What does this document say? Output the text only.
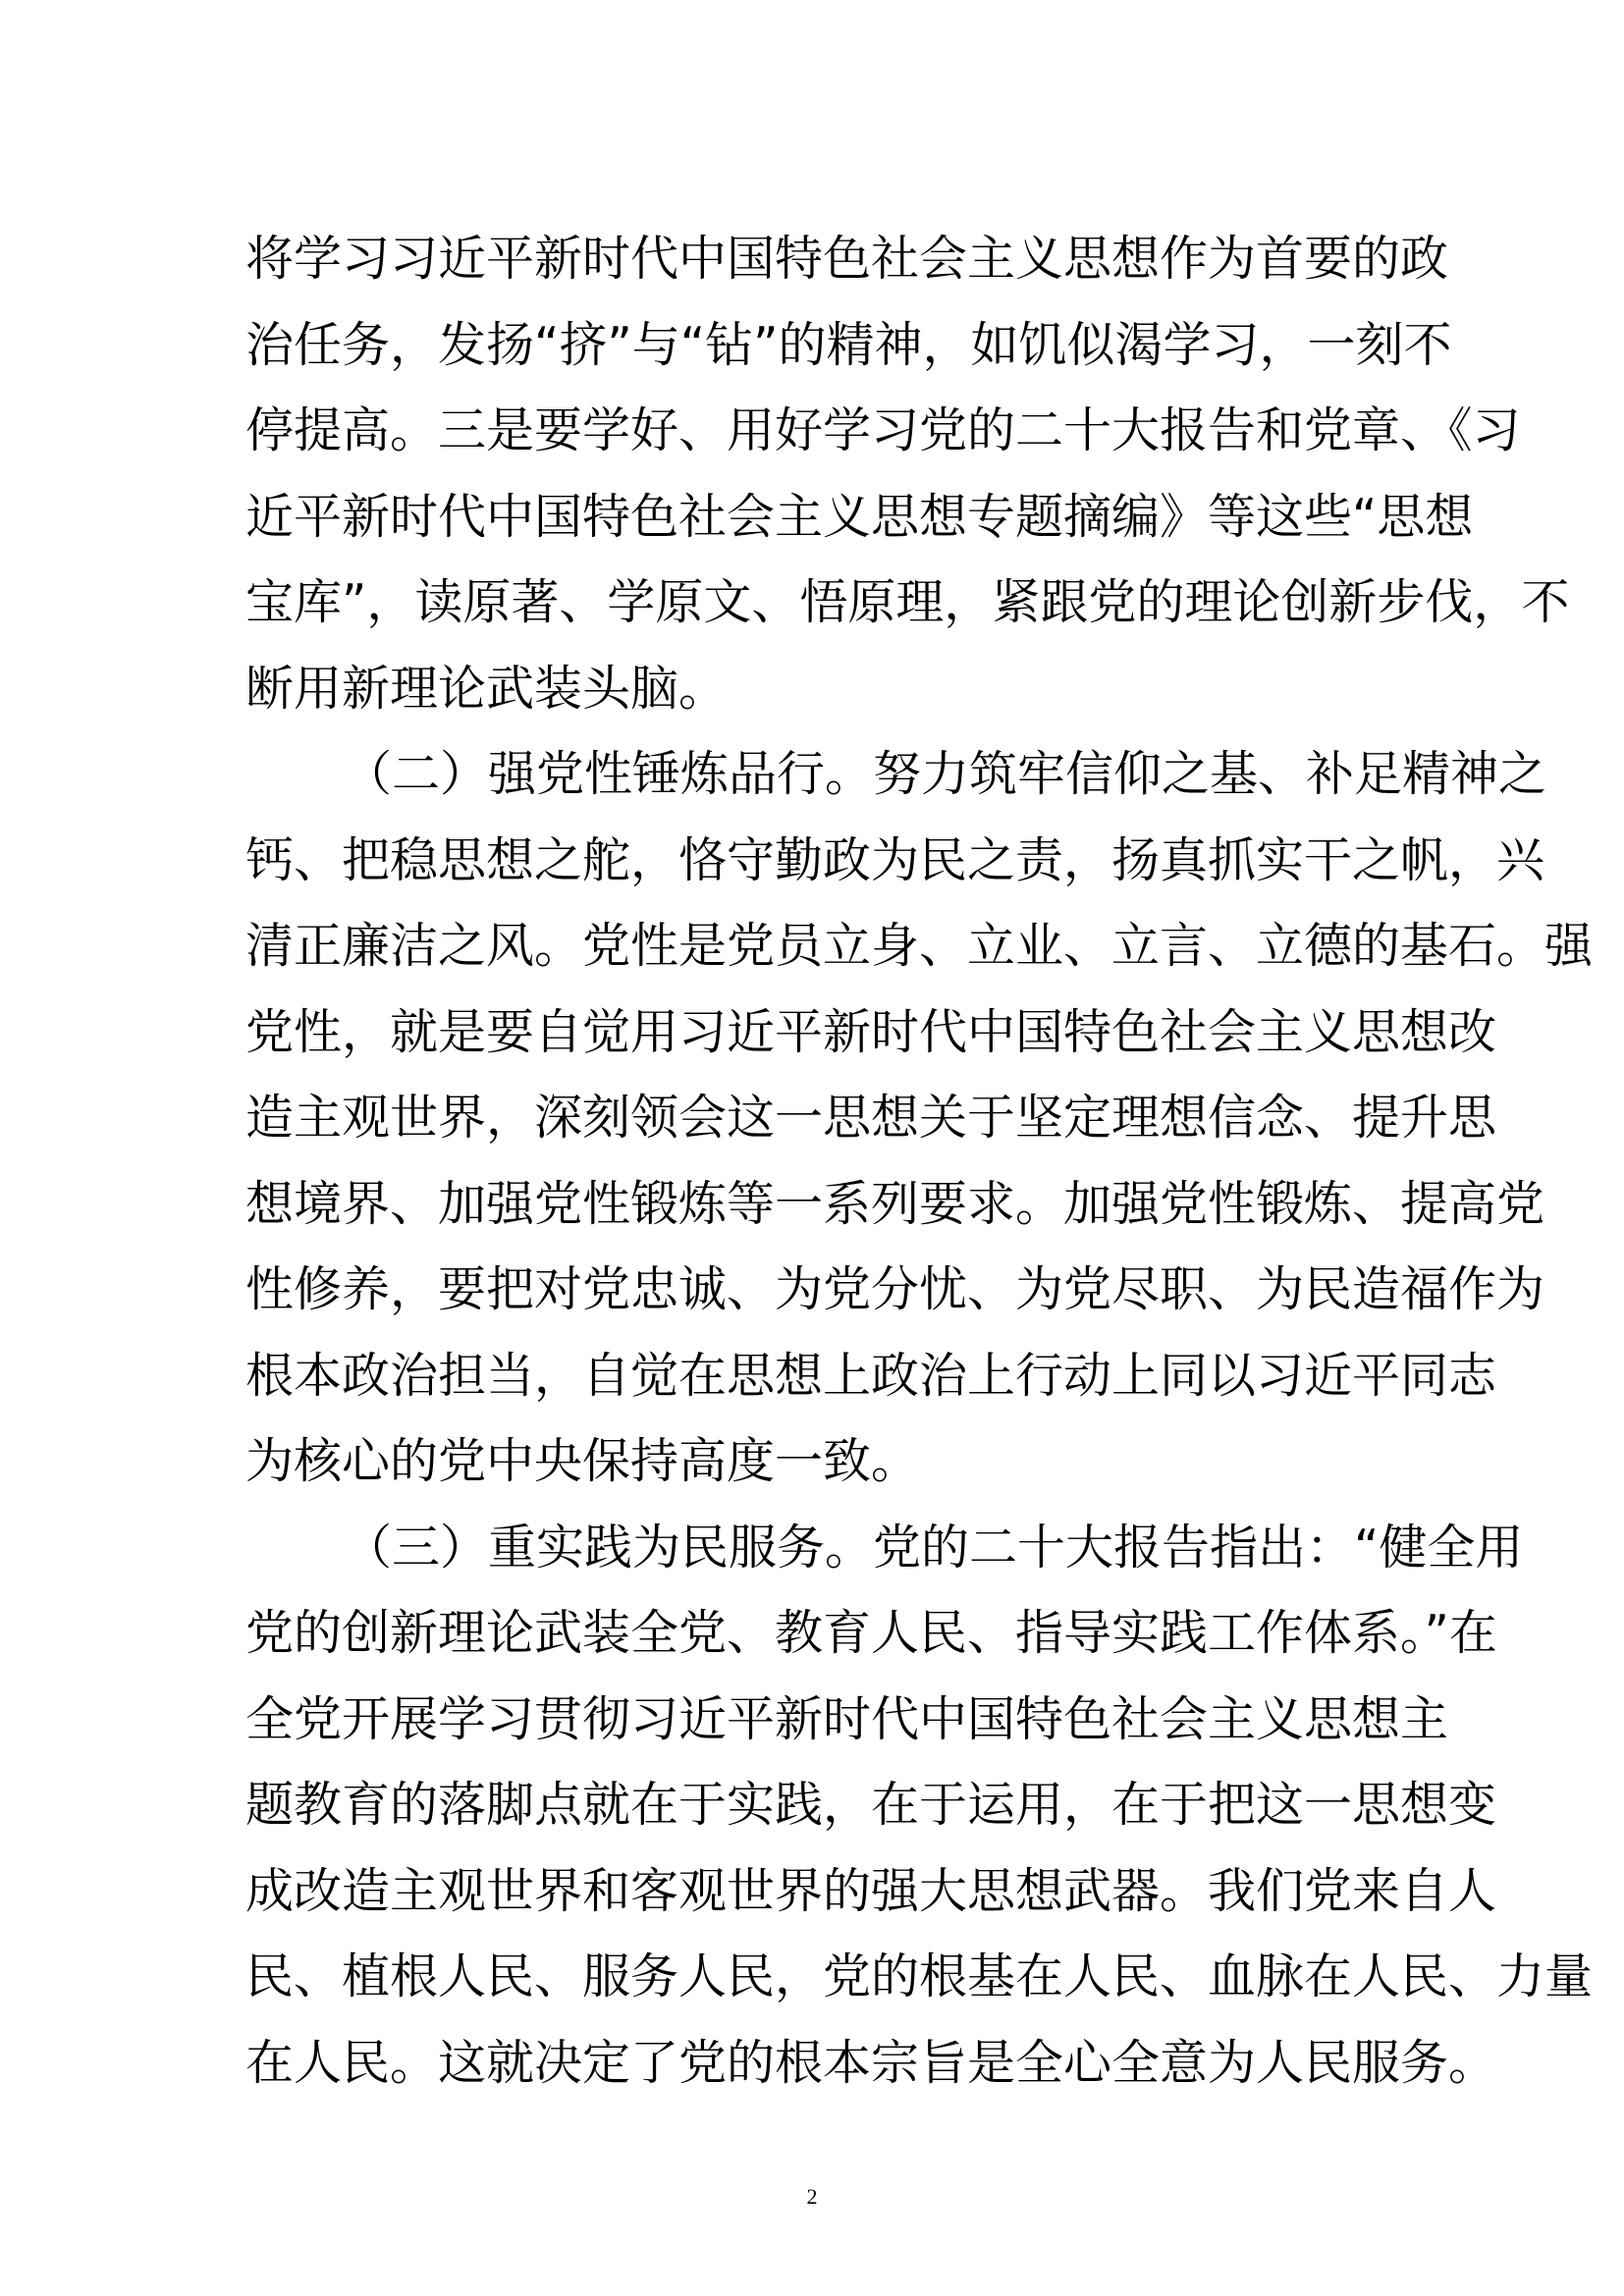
将学习习近平新时代中国特色社会主义思想作为首要的政
治任务，发扬“挤”与“钻”的精神，如饥似渴学习，一刻不
停提高。三是要学好、用好学习党的二十大报告和党章、《习
近平新时代中国特色社会主义思想专题摘编》等这些“思想
宝库”，读原著、学原文、悟原理，紧跟党的理论创新步伐，不
断用新理论武装头脑。
（二）强党性锤炼品行。努力筑牢信仰之基、补足精神之
钙、把稳思想之舵，恪守勤政为民之责，扬真抓实干之帆，兴
清正廉洁之风。党性是党员立身、立业、立言、立德的基石。强
党性，就是要自觉用习近平新时代中国特色社会主义思想改
造主观世界，深刻领会这一思想关于坚定理想信念、提升思
想境界、加强党性锻炼等一系列要求。加强党性锻炼、提高党
性修养，要把对党忠诚、为党分忧、为党尽职、为民造福作为
根本政治担当，自觉在思想上政治上行动上同以习近平同志
为核心的党中央保持高度一致。
（三）重实践为民服务。党的二十大报告指出：“健全用
党的创新理论武装全党、教育人民、指导实践工作体系。”在
全党开展学习贯彻习近平新时代中国特色社会主义思想主
题教育的落脚点就在于实践，在于运用，在于把这一思想变
成改造主观世界和客观世界的强大思想武器。我们党来自人
民、植根人民、服务人民，党的根基在人民、血脉在人民、力量
在人民。这就决定了党的根本宗旨是全心全意为人民服务。
2
